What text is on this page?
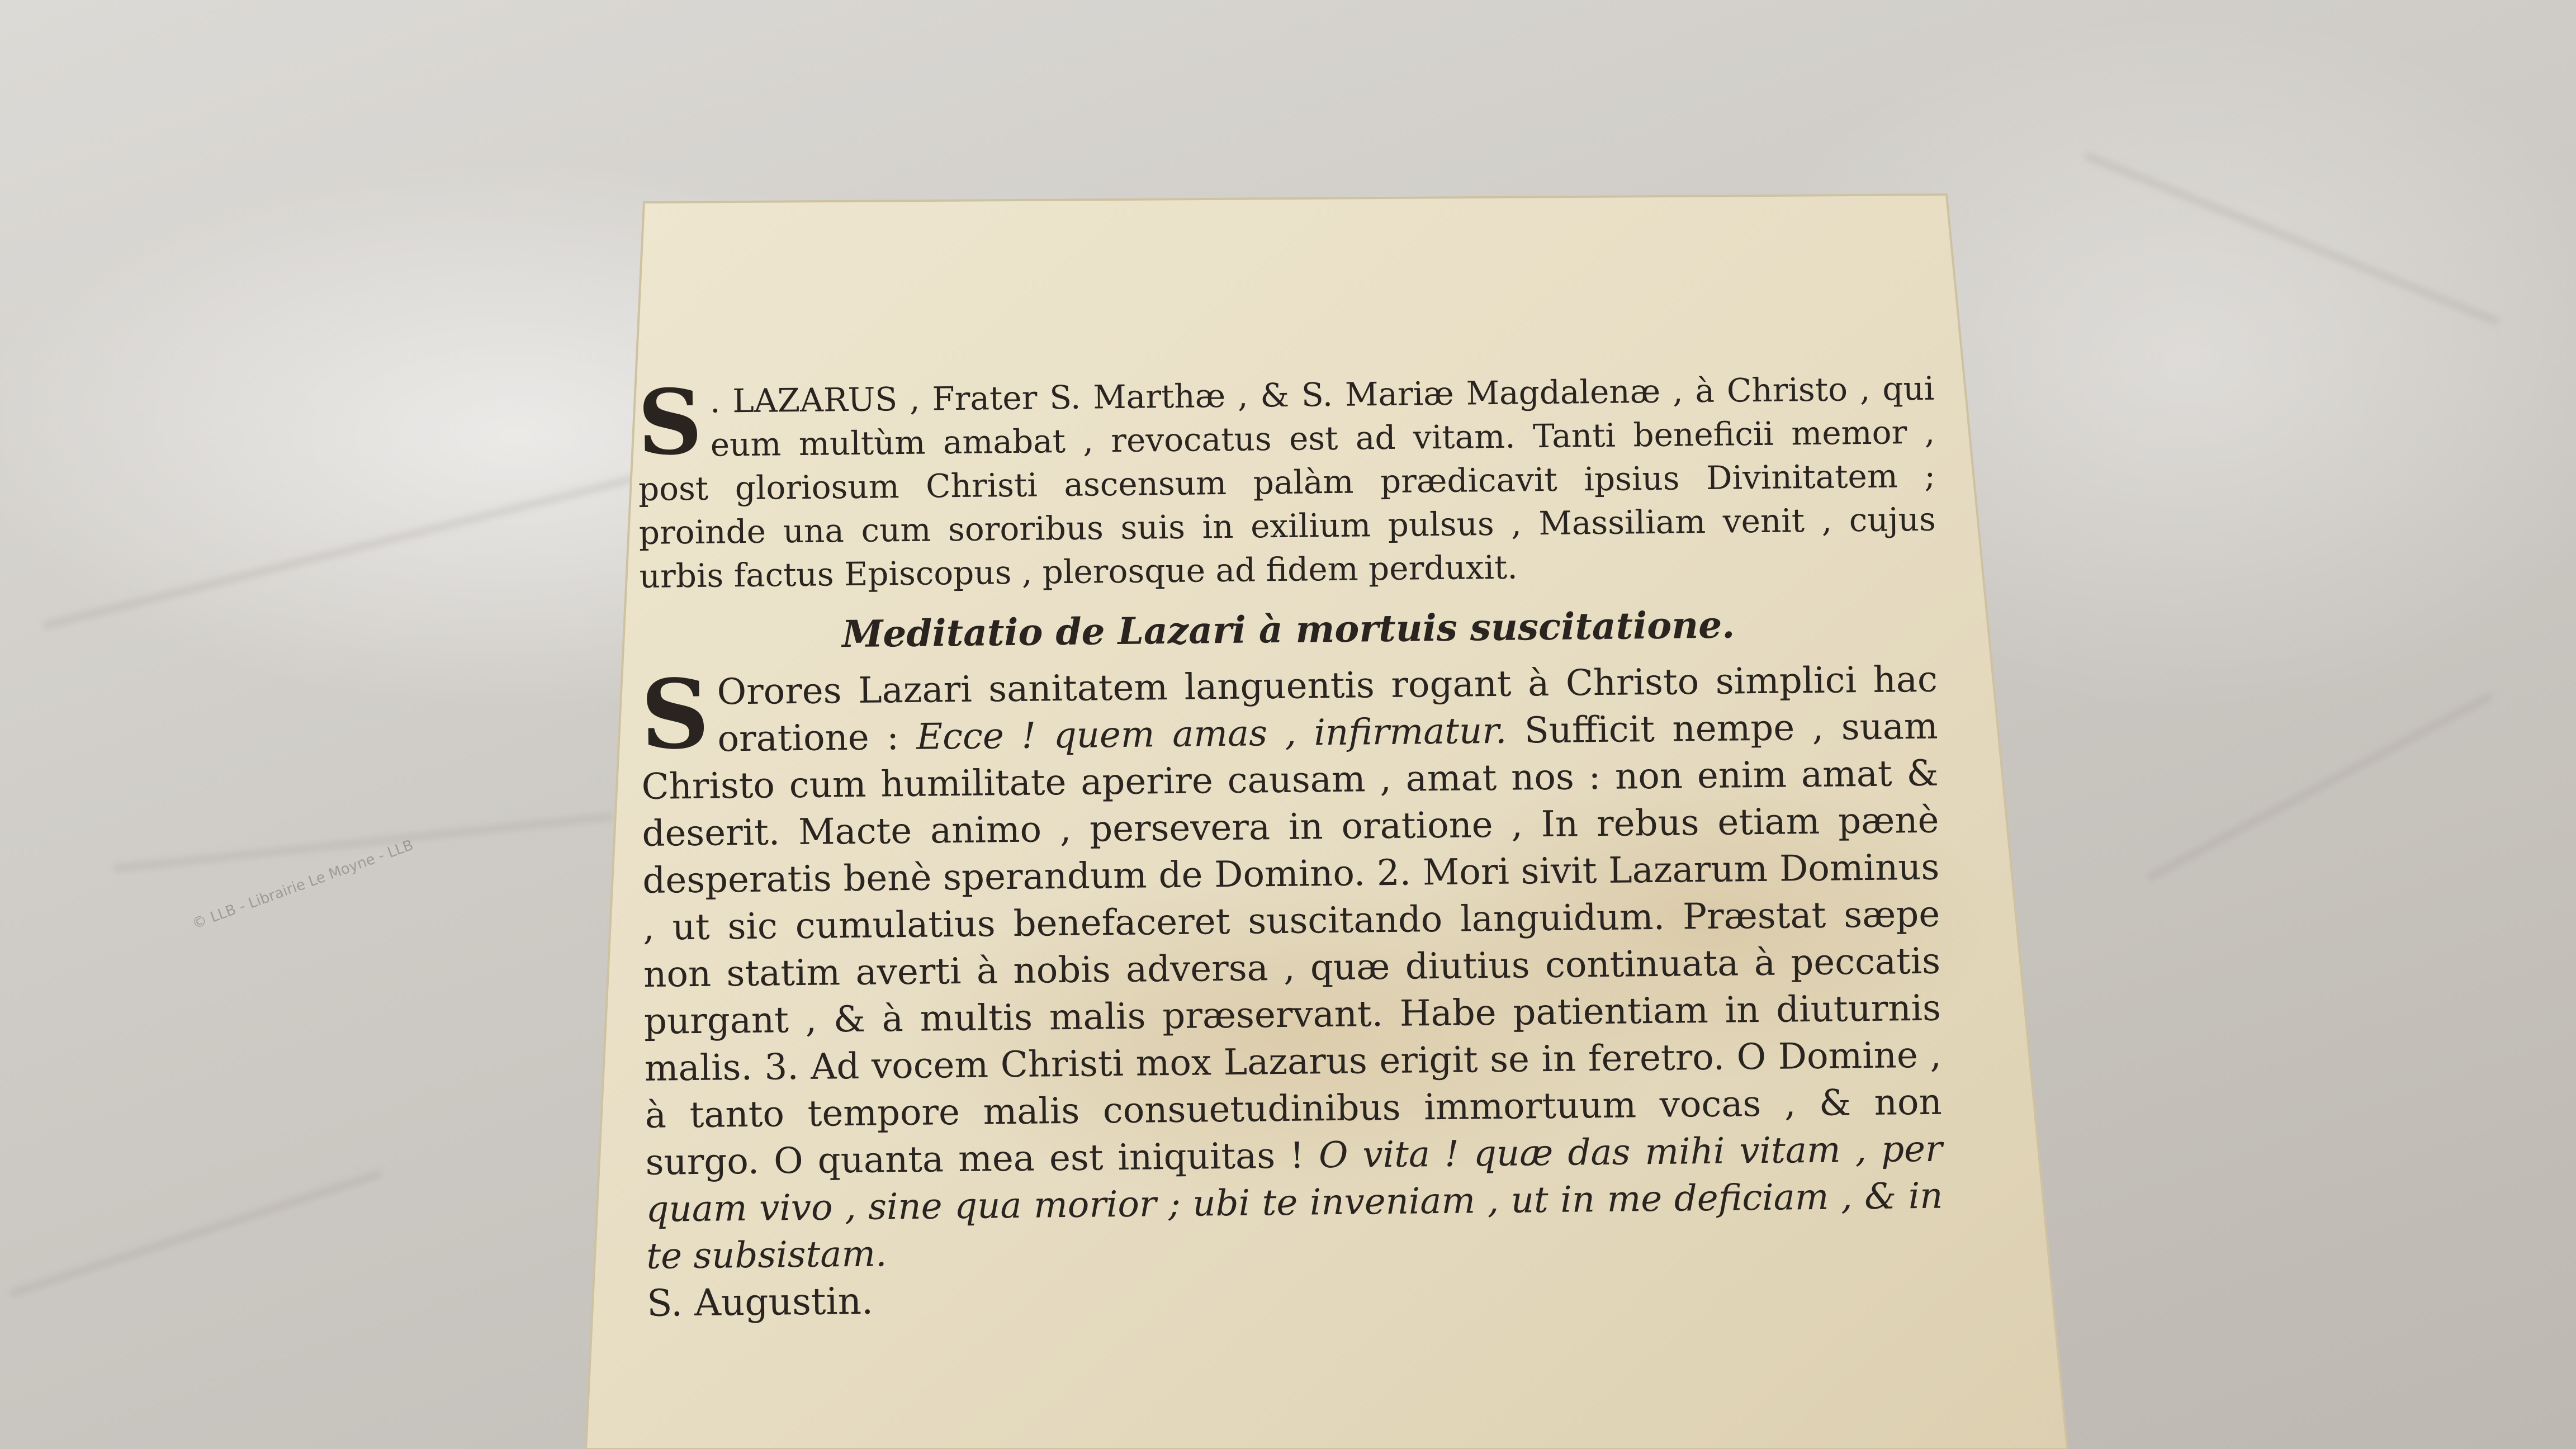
© LLB - Librairie Le Moyne - LLB

S . LAZARUS , Frater S. Marthæ , & S. Mariæ Magdalenæ , à Christo , qui eum multùm amabat , revocatus est ad vitam. Tanti beneficii memor , post gloriosum Christi ascensum palàm prædicavit ipsius Divinitatem ; proinde una cum sororibus suis in exilium pulsus , Massiliam venit , cujus urbis factus Episcopus , plerosque ad fidem perduxit.

Meditatio de Lazari à mortuis suscitatione.

S Orores Lazari sanitatem languentis rogant à Christo simplici hac oratione : Ecce ! quem amas , infirmatur. Sufficit nempe , suam Christo cum humilitate aperire causam , amat nos : non enim amat & deserit. Macte animo , persevera in oratione , In rebus etiam pænè desperatis benè sperandum de Domino. 2. Mori sivit Lazarum Dominus , ut sic cumulatius benefaceret suscitando languidum. Præstat sæpe non statim averti à nobis adversa , quæ diutius continuata à peccatis purgant , & à multis malis præservant. Habe patientiam in diuturnis malis. 3. Ad vocem Christi mox Lazarus erigit se in feretro. O Domine , à tanto tempore malis consuetudinibus immortuum vocas , & non surgo. O quanta mea est iniquitas ! O vita ! quæ das mihi vitam , per quam vivo , sine qua morior ; ubi te inveniam , ut in me deficiam , & in te subsistam.

S. Augustin.
